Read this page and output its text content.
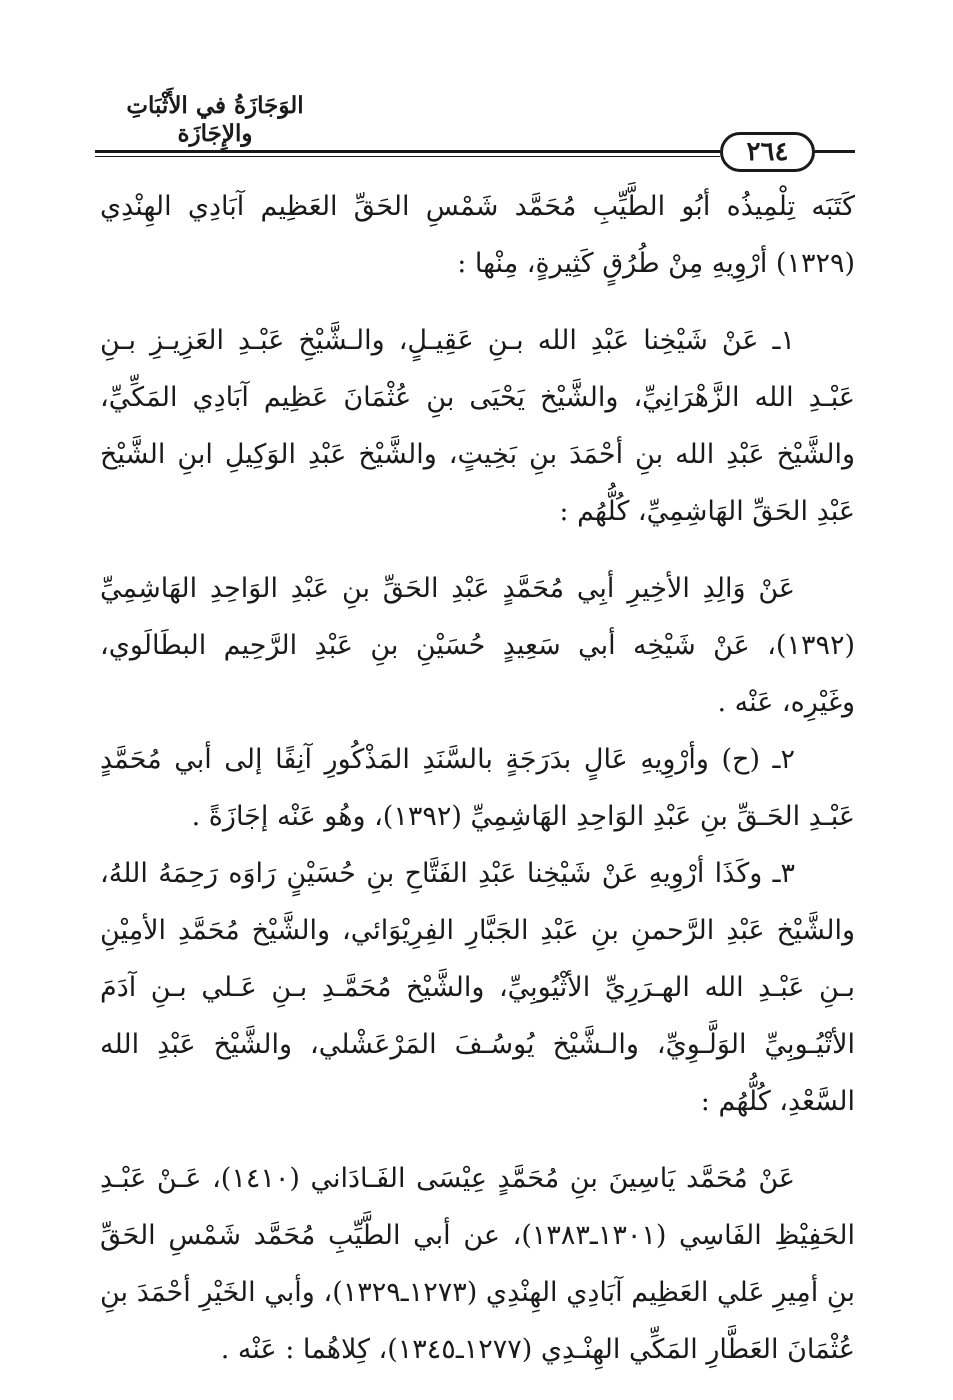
الوَجَازَةُ في الأَثْبَاتِ والإِجَازَة
٢٦٤

كَتَبَه تِلْمِيذُه أبُو الطَّيِّبِ مُحَمَّد شَمْسِ الحَقِّ العَظِيم آبَادِي الهِنْدِي (١٣٢٩) أرْوِيهِ مِنْ طُرُقٍ كَثِيرةٍ، مِنْها :

١ـ عَنْ شَيْخِنا عَبْدِ الله بـنِ عَقِيـلٍ، والـشَّيْخِ عَبْـدِ العَزِيـزِ بـنِ عَبْـدِ الله الزَّهْرَانِيِّ، والشَّيْخ يَحْيَى بنِ عُثْمَانَ عَظِيم آبَادِي المَكِّيِّ، والشَّيْخ عَبْدِ الله بنِ أحْمَدَ بنِ بَخِيتٍ، والشَّيْخ عَبْدِ الوَكِيلِ ابنِ الشَّيْخ عَبْدِ الحَقِّ الهَاشِمِيِّ، كُلُّهُم :

عَنْ وَالِدِ الأخِيرِ أبِي مُحَمَّدٍ عَبْدِ الحَقِّ بنِ عَبْدِ الوَاحِدِ الهَاشِمِيِّ (١٣٩٢)، عَنْ شَيْخِه أبي سَعِيدٍ حُسَيْنِ بنِ عَبْدِ الرَّحِيم البطَالَوي، وغَيْرِه، عَنْه .

٢ـ (ح) وأرْوِيهِ عَالٍ بدَرَجَةٍ بالسَّنَدِ المَذْكُورِ آنِفًا إلى أبي مُحَمَّدٍ عَبْـدِ الحَـقِّ بنِ عَبْدِ الوَاحِدِ الهَاشِمِيِّ (١٣٩٢)، وهُو عَنْه إجَازَةً .

٣ـ وكَذَا أرْوِيهِ عَنْ شَيْخِنا عَبْدِ الفَتَّاحِ بنِ حُسَيْنٍ رَاوَه رَحِمَهُ اللهُ، والشَّيْخ عَبْدِ الرَّحمنِ بنِ عَبْدِ الجَبَّارِ الفِرِيْوَائي، والشَّيْخ مُحَمَّدِ الأمِيْنِ بـنِ عَبْـدِ الله الهـرَرِيِّ الأثْيُوبِيِّ، والشَّيْخ مُحَمَّـدِ بـنِ عَـلي بـنِ آدَمَ الأتْيُـوبِيِّ الوَلَّـوِيِّ، والـشَّيْخ يُوسُـفَ المَرْعَشْلي، والشَّيْخ عَبْدِ الله السَّعْدِ، كُلُّهُم :

عَنْ مُحَمَّد يَاسِينَ بنِ مُحَمَّدٍ عِيْسَى الفَـادَاني (١٤١٠)، عَـنْ عَبْـدِ الحَفِيْظِ الفَاسِي (١٣٠١ـ١٣٨٣)، عن أبي الطَّيِّبِ مُحَمَّد شَمْسِ الحَقِّ بنِ أمِيرِ عَلي العَظِيم آبَادِي الهِنْدِي (١٢٧٣ـ١٣٢٩)، وأبي الخَيْرِ أحْمَدَ بنِ عُثْمَانَ العَطَّارِ المَكِّي الهِنْـدِي (١٢٧٧ـ١٣٤٥)، كِلاهُما : عَنْه .
